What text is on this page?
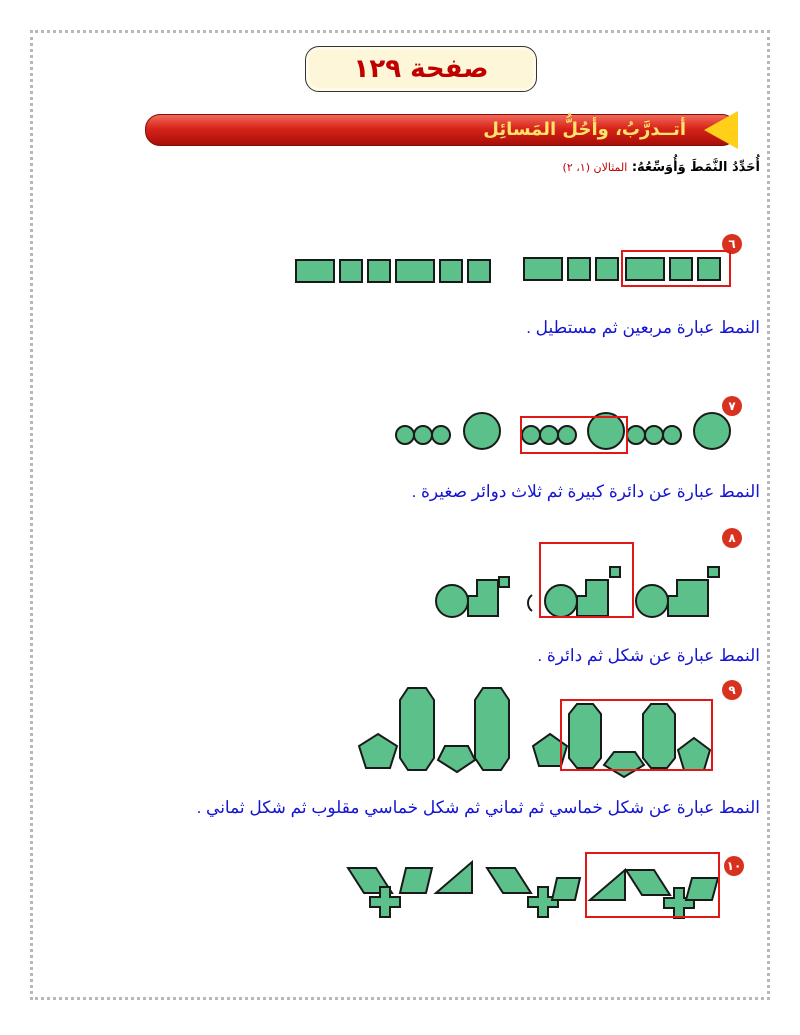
صفحة ١٢٩
أتــدرَّبُ، وأحُلُّ المَسائِل
أُحَدِّدُ النَّمَطَ وَأُوَسِّعُهُ: المثالان (١، ٢)
٦
النمط عبارة مربعين ثم مستطيل .
٧
النمط عبارة عن دائرة كبيرة ثم ثلاث دوائر صغيرة .
٨
النمط عبارة عن شكل ثم دائرة .
٩
النمط عبارة عن شكل خماسي ثم ثماني ثم شكل خماسي مقلوب ثم شكل ثماني .
١٠
